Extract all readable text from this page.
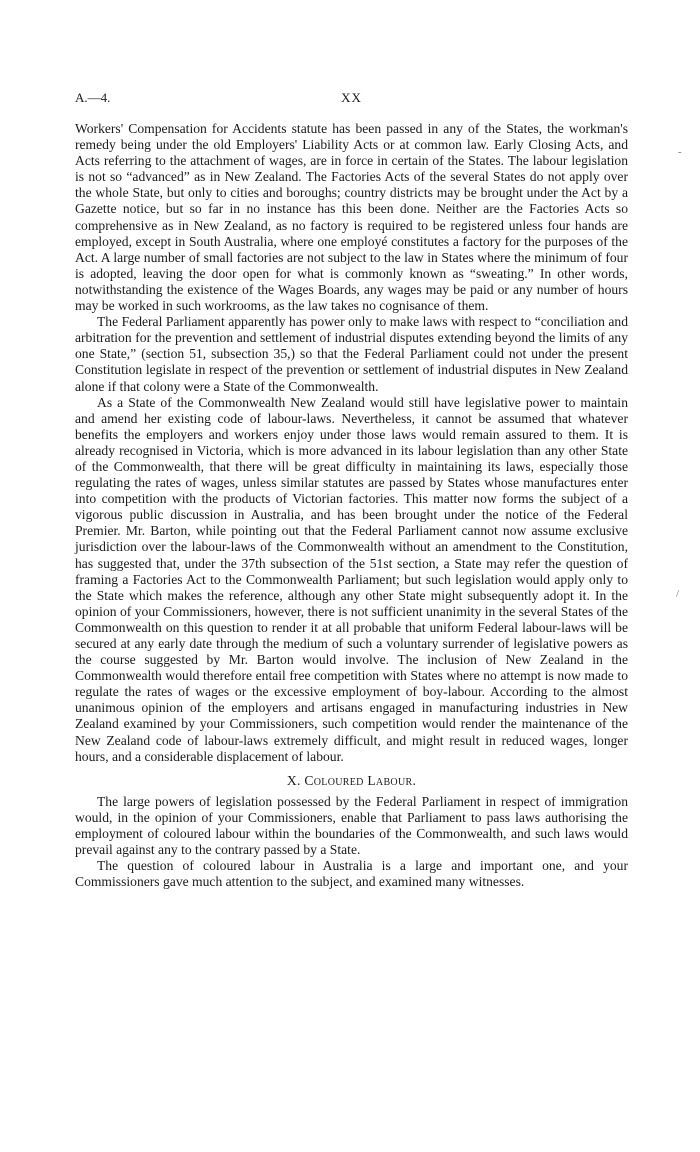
A.—4.	XX
-
/

Workers' Compensation for Accidents statute has been passed in any of the States, the workman's remedy being under the old Employers' Liability Acts or at common law. Early Closing Acts, and Acts referring to the attachment of wages, are in force in certain of the States. The labour legislation is not so “advanced” as in New Zealand. The Factories Acts of the several States do not apply over the whole State, but only to cities and boroughs; country districts may be brought under the Act by a Gazette notice, but so far in no instance has this been done. Neither are the Factories Acts so comprehensive as in New Zealand, as no factory is required to be registered unless four hands are employed, except in South Australia, where one employé constitutes a factory for the purposes of the Act. A large number of small factories are not subject to the law in States where the minimum of four is adopted, leaving the door open for what is commonly known as “sweating.” In other words, notwithstanding the existence of the Wages Boards, any wages may be paid or any number of hours may be worked in such workrooms, as the law takes no cognisance of them.

The Federal Parliament apparently has power only to make laws with respect to “conciliation and arbitration for the prevention and settlement of industrial disputes extending beyond the limits of any one State,” (section 51, subsection 35,) so that the Federal Parliament could not under the present Constitution legislate in respect of the prevention or settlement of industrial disputes in New Zealand alone if that colony were a State of the Commonwealth.

As a State of the Commonwealth New Zealand would still have legislative power to maintain and amend her existing code of labour-laws. Nevertheless, it cannot be assumed that whatever benefits the employers and workers enjoy under those laws would remain assured to them. It is already recognised in Victoria, which is more advanced in its labour legislation than any other State of the Commonwealth, that there will be great difficulty in maintaining its laws, especially those regulating the rates of wages, unless similar statutes are passed by States whose manufactures enter into competition with the products of Victorian factories. This matter now forms the subject of a vigorous public discussion in Australia, and has been brought under the notice of the Federal Premier. Mr. Barton, while pointing out that the Federal Parliament cannot now assume exclusive jurisdiction over the labour-laws of the Commonwealth without an amendment to the Constitution, has suggested that, under the 37th subsection of the 51st section, a State may refer the question of framing a Factories Act to the Commonwealth Parliament; but such legislation would apply only to the State which makes the reference, although any other State might subsequently adopt it. In the opinion of your Commissioners, however, there is not sufficient unanimity in the several States of the Commonwealth on this question to render it at all probable that uniform Federal labour-laws will be secured at any early date through the medium of such a voluntary surrender of legislative powers as the course suggested by Mr. Barton would involve. The inclusion of New Zealand in the Commonwealth would therefore entail free competition with States where no attempt is now made to regulate the rates of wages or the excessive employment of boy-labour. According to the almost unanimous opinion of the employers and artisans engaged in manufacturing industries in New Zealand examined by your Commissioners, such competition would render the maintenance of the New Zealand code of labour-laws extremely difficult, and might result in reduced wages, longer hours, and a considerable displacement of labour.

X. Coloured Labour.

The large powers of legislation possessed by the Federal Parliament in respect of immigration would, in the opinion of your Commissioners, enable that Parliament to pass laws authorising the employment of coloured labour within the boundaries of the Commonwealth, and such laws would prevail against any to the contrary passed by a State.

The question of coloured labour in Australia is a large and important one, and your Commissioners gave much attention to the subject, and examined many witnesses.
